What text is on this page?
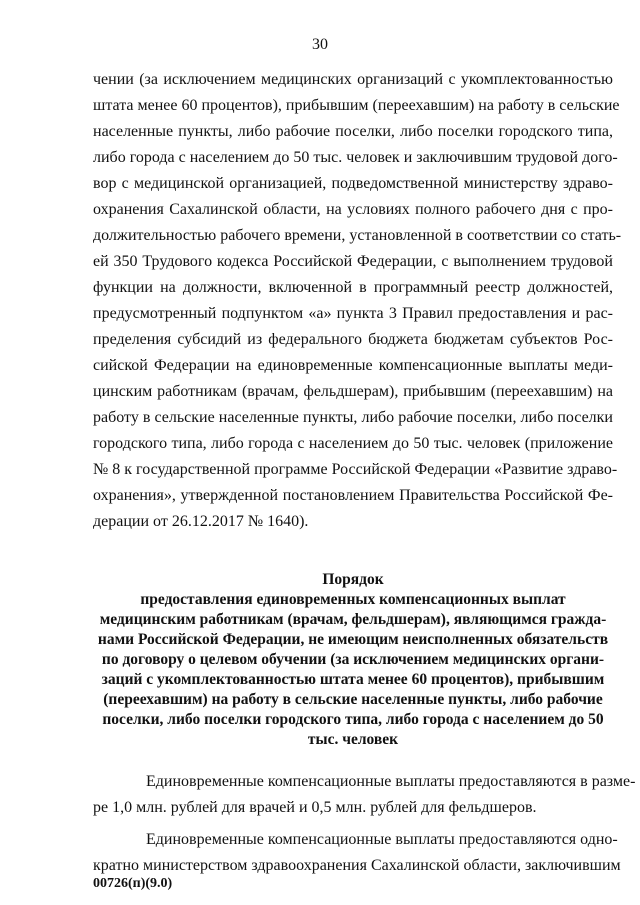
30
чении (за исключением медицинских организаций с укомплектованностью
штата менее 60 процентов), прибывшим (переехавшим) на работу в сельские
населенные пункты, либо рабочие поселки, либо поселки городского типа,
либо города с населением до 50 тыс. человек и заключившим трудовой дого-
вор с медицинской организацией, подведомственной министерству здраво-
охранения Сахалинской области, на условиях полного рабочего дня с про-
должительностью рабочего времени, установленной в соответствии со стать-
ей 350 Трудового кодекса Российской Федерации, с выполнением трудовой
функции на должности, включенной в программный реестр должностей,
предусмотренный подпунктом «а» пункта 3 Правил предоставления и рас-
пределения субсидий из федерального бюджета бюджетам субъектов Рос-
сийской Федерации на единовременные компенсационные выплаты меди-
цинским работникам (врачам, фельдшерам), прибывшим (переехавшим) на
работу в сельские населенные пункты, либо рабочие поселки, либо поселки
городского типа, либо города с населением до 50 тыс. человек (приложение
№ 8 к государственной программе Российской Федерации «Развитие здраво-
охранения», утвержденной постановлением Правительства Российской Фе-
дерации от 26.12.2017 № 1640).
Порядок
предоставления единовременных компенсационных выплат
медицинским работникам (врачам, фельдшерам), являющимся гражда-
нами Российской Федерации, не имеющим неисполненных обязательств
по договору о целевом обучении (за исключением медицинских органи-
заций с укомплектованностью штата менее 60 процентов), прибывшим
(переехавшим) на работу в сельские населенные пункты, либо рабочие
поселки, либо поселки городского типа, либо города с населением до 50
тыс. человек
Единовременные компенсационные выплаты предоставляются в разме-
ре 1,0 млн. рублей для врачей и 0,5 млн. рублей для фельдшеров.
Единовременные компенсационные выплаты предоставляются одно-
кратно министерством здравоохранения Сахалинской области, заключившим
00726(п)(9.0)
